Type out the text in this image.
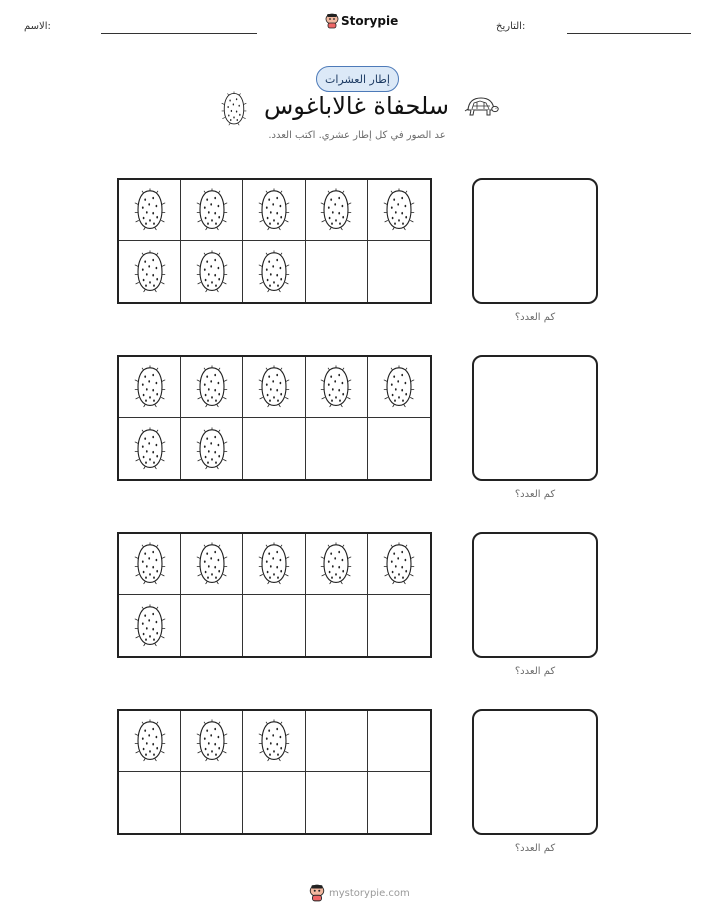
التاريخ:
Storypie
الاسم:
إطار العشرات
سلحفاة غالاباغوس
عد الصور في كل إطار عشري. اكتب العدد.
كم العدد؟
كم العدد؟
كم العدد؟
كم العدد؟
mystorypie.com
